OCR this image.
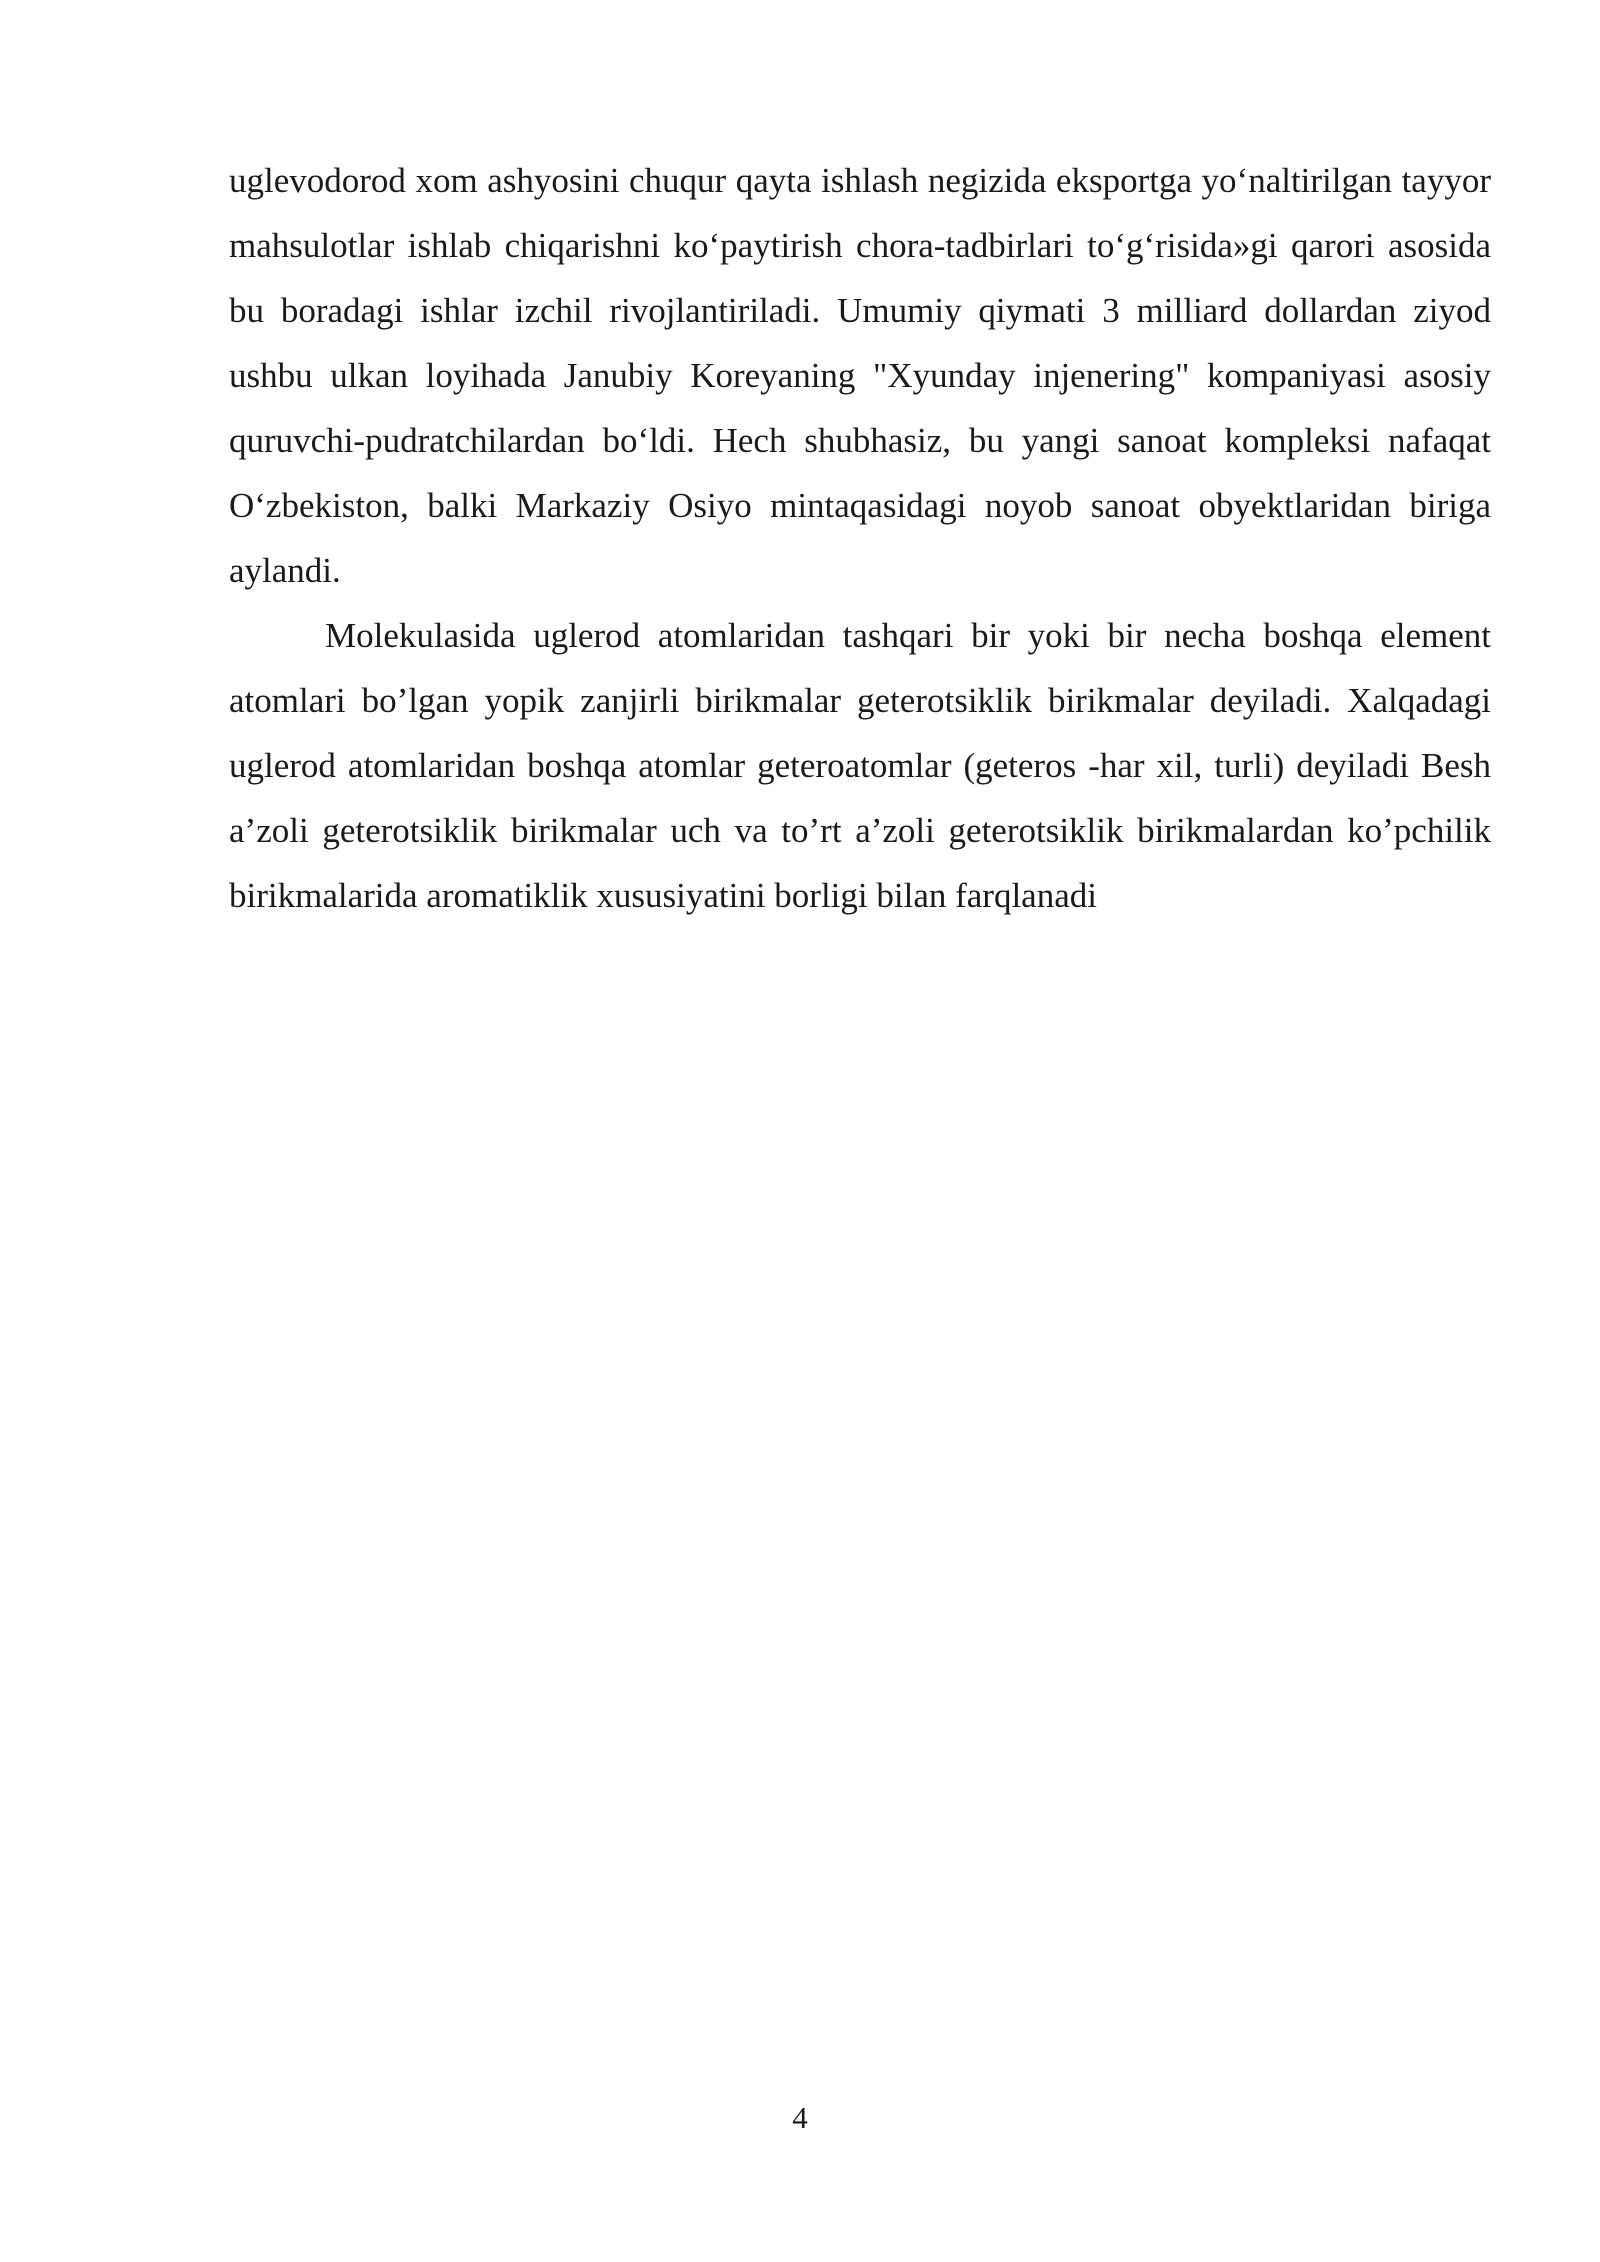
uglevodorod xom ashyosini chuqur qayta ishlash negizida eksportga yo‘naltirilgan tayyor mahsulotlar ishlab chiqarishni ko‘paytirish chora-tadbirlari to‘g‘risida»gi qarori asosida bu boradagi ishlar izchil rivojlantiriladi. Umumiy qiymati 3 milliard dollardan ziyod ushbu ulkan loyihada Janubiy Koreyaning "Xyunday injenering" kompaniyasi asosiy quruvchi-pudratchilardan bo‘ldi. Hech shubhasiz, bu yangi sanoat kompleksi nafaqat O‘zbekiston, balki Markaziy Osiyo mintaqasidagi noyob sanoat obyektlaridan biriga aylandi.

Molekulasida uglerod atomlaridan tashqari bir yoki bir necha boshqa element atomlari bo’lgan yopik zanjirli birikmalar geterotsiklik birikmalar deyiladi. Xalqadagi uglerod atomlaridan boshqa atomlar geteroatomlar (geteros -har xil, turli) deyiladi Besh a’zoli geterotsiklik birikmalar uch va to’rt a’zoli geterotsiklik birikmalardan ko’pchilik birikmalarida aromatiklik xususiyatini borligi bilan farqlanadi

4
